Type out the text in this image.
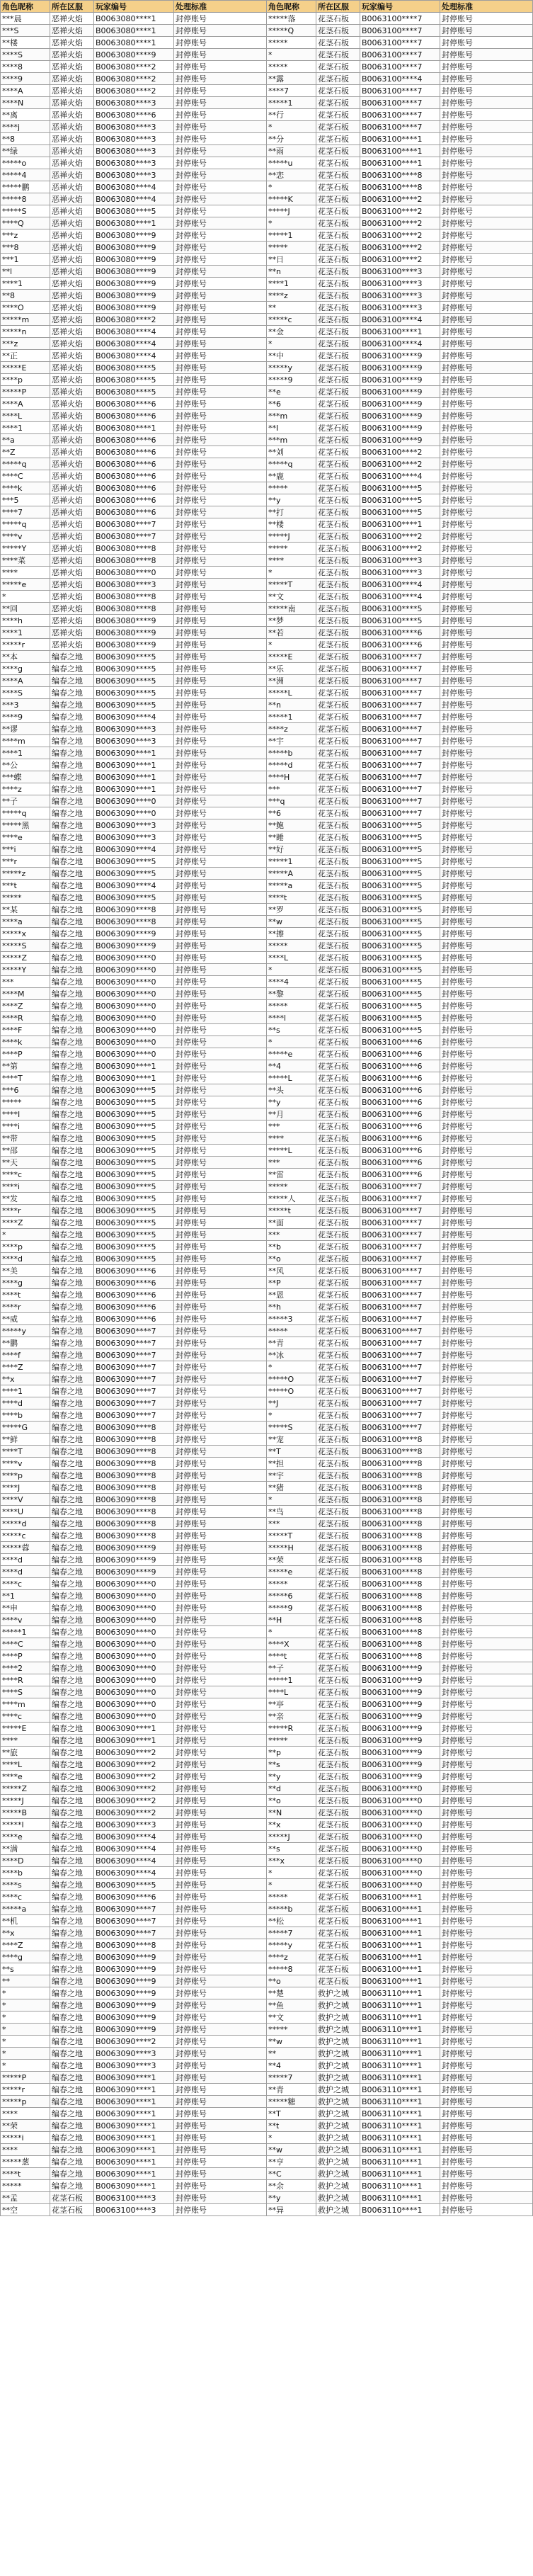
角色昵称	所在区服	玩家编号	处理标准	角色昵称	所在区服	玩家编号	处理标准
***晨	恶禅火焰	B0063080****1	封停账号	*****落	花茎石板	B0063100****7	封停账号
***S	恶禅火焰	B0063080****1	封停账号	*****Q	花茎石板	B0063100****7	封停账号
**楼	恶禅火焰	B0063080****1	封停账号	*****	花茎石板	B0063100****7	封停账号
****S	恶禅火焰	B0063080****9	封停账号	*	花茎石板	B0063100****7	封停账号
****8	恶禅火焰	B0063080****2	封停账号	*****	花茎石板	B0063100****7	封停账号
****9	恶禅火焰	B0063080****2	封停账号	**露	花茎石板	B0063100****4	封停账号
****A	恶禅火焰	B0063080****2	封停账号	****7	花茎石板	B0063100****7	封停账号
****N	恶禅火焰	B0063080****3	封停账号	*****1	花茎石板	B0063100****7	封停账号
**离	恶禅火焰	B0063080****6	封停账号	**行	花茎石板	B0063100****7	封停账号
****j	恶禅火焰	B0063080****3	封停账号	*	花茎石板	B0063100****7	封停账号
**8	恶禅火焰	B0063080****3	封停账号	**分	花茎石板	B0063100****1	封停账号
**绿	恶禅火焰	B0063080****3	封停账号	**雨	花茎石板	B0063100****1	封停账号
*****o	恶禅火焰	B0063080****3	封停账号	*****u	花茎石板	B0063100****1	封停账号
*****4	恶禅火焰	B0063080****3	封停账号	**恋	花茎石板	B0063100****8	封停账号
*****鹏	恶禅火焰	B0063080****4	封停账号	*	花茎石板	B0063100****8	封停账号
*****8	恶禅火焰	B0063080****4	封停账号	*****K	花茎石板	B0063100****2	封停账号
*****S	恶禅火焰	B0063080****5	封停账号	*****J	花茎石板	B0063100****2	封停账号
****Q	恶禅火焰	B0063080****1	封停账号	*	花茎石板	B0063100****2	封停账号
***z	恶禅火焰	B0063080****9	封停账号	*****1	花茎石板	B0063100****2	封停账号
***8	恶禅火焰	B0063080****9	封停账号	*****	花茎石板	B0063100****2	封停账号
***1	恶禅火焰	B0063080****9	封停账号	**日	花茎石板	B0063100****2	封停账号
**l	恶禅火焰	B0063080****9	封停账号	**n	花茎石板	B0063100****3	封停账号
****1	恶禅火焰	B0063080****9	封停账号	****1	花茎石板	B0063100****3	封停账号
**8	恶禅火焰	B0063080****9	封停账号	****z	花茎石板	B0063100****3	封停账号
****O	恶禅火焰	B0063080****9	封停账号	**	花茎石板	B0063100****3	封停账号
*****m	恶禅火焰	B0063080****2	封停账号	*****c	花茎石板	B0063100****4	封停账号
*****n	恶禅火焰	B0063080****4	封停账号	**金	花茎石板	B0063100****1	封停账号
***z	恶禅火焰	B0063080****4	封停账号	*	花茎石板	B0063100****4	封停账号
**正	恶禅火焰	B0063080****4	封停账号	**中	花茎石板	B0063100****9	封停账号
*****E	恶禅火焰	B0063080****5	封停账号	*****y	花茎石板	B0063100****9	封停账号
****p	恶禅火焰	B0063080****5	封停账号	*****9	花茎石板	B0063100****9	封停账号
*****P	恶禅火焰	B0063080****5	封停账号	**e	花茎石板	B0063100****9	封停账号
****A	恶禅火焰	B0063080****6	封停账号	**6	花茎石板	B0063100****9	封停账号
****L	恶禅火焰	B0063080****6	封停账号	***m	花茎石板	B0063100****9	封停账号
****1	恶禅火焰	B0063080****1	封停账号	**I	花茎石板	B0063100****9	封停账号
**a	恶禅火焰	B0063080****6	封停账号	***m	花茎石板	B0063100****9	封停账号
**Z	恶禅火焰	B0063080****6	封停账号	**刘	花茎石板	B0063100****2	封停账号
*****q	恶禅火焰	B0063080****6	封停账号	*****q	花茎石板	B0063100****2	封停账号
****C	恶禅火焰	B0063080****6	封停账号	**鹿	花茎石板	B0063100****4	封停账号
****k	恶禅火焰	B0063080****6	封停账号	*****	花茎石板	B0063100****5	封停账号
***5	恶禅火焰	B0063080****6	封停账号	**y	花茎石板	B0063100****5	封停账号
****7	恶禅火焰	B0063080****6	封停账号	**打	花茎石板	B0063100****5	封停账号
*****q	恶禅火焰	B0063080****7	封停账号	**楼	花茎石板	B0063100****1	封停账号
****v	恶禅火焰	B0063080****7	封停账号	*****J	花茎石板	B0063100****2	封停账号
*****Y	恶禅火焰	B0063080****8	封停账号	*****	花茎石板	B0063100****2	封停账号
****菜	恶禅火焰	B0063080****8	封停账号	****	花茎石板	B0063100****3	封停账号
****	恶禅火焰	B0063080****0	封停账号	*	花茎石板	B0063100****3	封停账号
*****e	恶禅火焰	B0063080****3	封停账号	*****T	花茎石板	B0063100****4	封停账号
*	恶禅火焰	B0063080****8	封停账号	**文	花茎石板	B0063100****4	封停账号
**回	恶禅火焰	B0063080****8	封停账号	*****南	花茎石板	B0063100****5	封停账号
****h	恶禅火焰	B0063080****9	封停账号	**梦	花茎石板	B0063100****5	封停账号
****1	恶禅火焰	B0063080****9	封停账号	**若	花茎石板	B0063100****6	封停账号
*****r	恶禅火焰	B0063080****9	封停账号	*	花茎石板	B0063100****6	封停账号
**本	编春之地	B0063090****5	封停账号	*****E	花茎石板	B0063100****7	封停账号
****g	编春之地	B0063090****5	封停账号	**乐	花茎石板	B0063100****7	封停账号
****A	编春之地	B0063090****5	封停账号	**洲	花茎石板	B0063100****7	封停账号
****S	编春之地	B0063090****5	封停账号	*****L	花茎石板	B0063100****7	封停账号
***3	编春之地	B0063090****5	封停账号	**n	花茎石板	B0063100****7	封停账号
****9	编春之地	B0063090****4	封停账号	*****1	花茎石板	B0063100****7	封停账号
**谬	编春之地	B0063090****3	封停账号	****z	花茎石板	B0063100****7	封停账号
****m	编春之地	B0063090****3	封停账号	**宇	花茎石板	B0063100****7	封停账号
****1	编春之地	B0063090****1	封停账号	*****b	花茎石板	B0063100****7	封停账号
**公	编春之地	B0063090****1	封停账号	*****d	花茎石板	B0063100****7	封停账号
***蝶	编春之地	B0063090****1	封停账号	****H	花茎石板	B0063100****7	封停账号
****z	编春之地	B0063090****1	封停账号	***	花茎石板	B0063100****7	封停账号
**子	编春之地	B0063090****0	封停账号	***q	花茎石板	B0063100****7	封停账号
*****q	编春之地	B0063090****0	封停账号	**6	花茎石板	B0063100****7	封停账号
*****黑	编春之地	B0063090****3	封停账号	**鲍	花茎石板	B0063100****5	封停账号
****e	编春之地	B0063090****3	封停账号	**睡	花茎石板	B0063100****5	封停账号
***i	编春之地	B0063090****4	封停账号	**好	花茎石板	B0063100****5	封停账号
***r	编春之地	B0063090****5	封停账号	*****1	花茎石板	B0063100****5	封停账号
*****z	编春之地	B0063090****5	封停账号	*****A	花茎石板	B0063100****5	封停账号
***t	编春之地	B0063090****4	封停账号	*****a	花茎石板	B0063100****5	封停账号
*****	编春之地	B0063090****5	封停账号	****t	花茎石板	B0063100****5	封停账号
**某	编春之地	B0063090****8	封停账号	**罗	花茎石板	B0063100****5	封停账号
****a	编春之地	B0063090****8	封停账号	**w	花茎石板	B0063100****5	封停账号
*****x	编春之地	B0063090****9	封停账号	**擦	花茎石板	B0063100****5	封停账号
*****S	编春之地	B0063090****9	封停账号	*****	花茎石板	B0063100****5	封停账号
*****Z	编春之地	B0063090****0	封停账号	****L	花茎石板	B0063100****5	封停账号
*****Y	编春之地	B0063090****0	封停账号	*	花茎石板	B0063100****5	封停账号
***	编春之地	B0063090****0	封停账号	****4	花茎石板	B0063100****5	封停账号
****M	编春之地	B0063090****0	封停账号	**黎	花茎石板	B0063100****5	封停账号
****Z	编春之地	B0063090****0	封停账号	*****	花茎石板	B0063100****5	封停账号
****R	编春之地	B0063090****0	封停账号	****l	花茎石板	B0063100****5	封停账号
****F	编春之地	B0063090****0	封停账号	**s	花茎石板	B0063100****5	封停账号
****k	编春之地	B0063090****0	封停账号	*	花茎石板	B0063100****6	封停账号
****P	编春之地	B0063090****0	封停账号	*****e	花茎石板	B0063100****6	封停账号
**第	编春之地	B0063090****1	封停账号	**4	花茎石板	B0063100****6	封停账号
****T	编春之地	B0063090****1	封停账号	*****L	花茎石板	B0063100****6	封停账号
***6	编春之地	B0063090****5	封停账号	**头	花茎石板	B0063100****6	封停账号
*****	编春之地	B0063090****5	封停账号	**y	花茎石板	B0063100****6	封停账号
****I	编春之地	B0063090****5	封停账号	**月	花茎石板	B0063100****6	封停账号
****i	编春之地	B0063090****5	封停账号	***	花茎石板	B0063100****6	封停账号
**带	编春之地	B0063090****5	封停账号	****	花茎石板	B0063100****6	封停账号
**邵	编春之地	B0063090****5	封停账号	*****L	花茎石板	B0063100****6	封停账号
**天	编春之地	B0063090****5	封停账号	***	花茎石板	B0063100****6	封停账号
****c	编春之地	B0063090****5	封停账号	**雷	花茎石板	B0063100****6	封停账号
****i	编春之地	B0063090****5	封停账号	*****	花茎石板	B0063100****7	封停账号
**发	编春之地	B0063090****5	封停账号	*****人	花茎石板	B0063100****7	封停账号
****r	编春之地	B0063090****5	封停账号	*****t	花茎石板	B0063100****7	封停账号
****Z	编春之地	B0063090****5	封停账号	**面	花茎石板	B0063100****7	封停账号
*	编春之地	B0063090****5	封停账号	***	花茎石板	B0063100****7	封停账号
****p	编春之地	B0063090****5	封停账号	**b	花茎石板	B0063100****7	封停账号
****d	编春之地	B0063090****5	封停账号	**o	花茎石板	B0063100****7	封停账号
**美	编春之地	B0063090****6	封停账号	**风	花茎石板	B0063100****7	封停账号
****g	编春之地	B0063090****6	封停账号	**P	花茎石板	B0063100****7	封停账号
****t	编春之地	B0063090****6	封停账号	**恩	花茎石板	B0063100****7	封停账号
****r	编春之地	B0063090****6	封停账号	**h	花茎石板	B0063100****7	封停账号
**威	编春之地	B0063090****6	封停账号	*****3	花茎石板	B0063100****7	封停账号
*****y	编春之地	B0063090****7	封停账号	*****	花茎石板	B0063100****7	封停账号
**鹏	编春之地	B0063090****7	封停账号	**青	花茎石板	B0063100****7	封停账号
****f	编春之地	B0063090****7	封停账号	**冰	花茎石板	B0063100****7	封停账号
****Z	编春之地	B0063090****7	封停账号	*	花茎石板	B0063100****7	封停账号
**x	编春之地	B0063090****7	封停账号	*****O	花茎石板	B0063100****7	封停账号
****1	编春之地	B0063090****7	封停账号	*****O	花茎石板	B0063100****7	封停账号
****d	编春之地	B0063090****7	封停账号	**J	花茎石板	B0063100****7	封停账号
****b	编春之地	B0063090****7	封停账号	*	花茎石板	B0063100****7	封停账号
*****G	编春之地	B0063090****8	封停账号	*****S	花茎石板	B0063100****7	封停账号
**鲜	编春之地	B0063090****8	封停账号	**宠	花茎石板	B0063100****8	封停账号
****T	编春之地	B0063090****8	封停账号	**T	花茎石板	B0063100****8	封停账号
****v	编春之地	B0063090****8	封停账号	**担	花茎石板	B0063100****8	封停账号
****p	编春之地	B0063090****8	封停账号	**宇	花茎石板	B0063100****8	封停账号
****J	编春之地	B0063090****8	封停账号	**猪	花茎石板	B0063100****8	封停账号
****V	编春之地	B0063090****8	封停账号	*	花茎石板	B0063100****8	封停账号
****U	编春之地	B0063090****8	封停账号	**鸟	花茎石板	B0063100****8	封停账号
*****d	编春之地	B0063090****8	封停账号	***	花茎石板	B0063100****8	封停账号
*****c	编春之地	B0063090****8	封停账号	*****T	花茎石板	B0063100****8	封停账号
*****蓉	编春之地	B0063090****9	封停账号	*****H	花茎石板	B0063100****8	封停账号
****d	编春之地	B0063090****9	封停账号	**荣	花茎石板	B0063100****8	封停账号
****d	编春之地	B0063090****9	封停账号	*****e	花茎石板	B0063100****8	封停账号
****c	编春之地	B0063090****0	封停账号	*****	花茎石板	B0063100****8	封停账号
**1	编春之地	B0063090****0	封停账号	*****6	花茎石板	B0063100****8	封停账号
**申	编春之地	B0063090****0	封停账号	*****9	花茎石板	B0063100****8	封停账号
****v	编春之地	B0063090****0	封停账号	**H	花茎石板	B0063100****8	封停账号
*****1	编春之地	B0063090****0	封停账号	*	花茎石板	B0063100****8	封停账号
****C	编春之地	B0063090****0	封停账号	****X	花茎石板	B0063100****8	封停账号
****P	编春之地	B0063090****0	封停账号	****t	花茎石板	B0063100****8	封停账号
****2	编春之地	B0063090****0	封停账号	**子	花茎石板	B0063100****9	封停账号
****R	编春之地	B0063090****0	封停账号	*****1	花茎石板	B0063100****9	封停账号
****S	编春之地	B0063090****0	封停账号	****L	花茎石板	B0063100****9	封停账号
****m	编春之地	B0063090****0	封停账号	**亭	花茎石板	B0063100****9	封停账号
****c	编春之地	B0063090****0	封停账号	**亲	花茎石板	B0063100****9	封停账号
*****E	编春之地	B0063090****1	封停账号	*****R	花茎石板	B0063100****9	封停账号
****	编春之地	B0063090****1	封停账号	*****	花茎石板	B0063100****9	封停账号
**旅	编春之地	B0063090****2	封停账号	**p	花茎石板	B0063100****9	封停账号
****L	编春之地	B0063090****2	封停账号	**s	花茎石板	B0063100****9	封停账号
****e	编春之地	B0063090****2	封停账号	**y	花茎石板	B0063100****9	封停账号
*****Z	编春之地	B0063090****2	封停账号	**d	花茎石板	B0063100****0	封停账号
*****J	编春之地	B0063090****2	封停账号	**o	花茎石板	B0063100****0	封停账号
*****B	编春之地	B0063090****2	封停账号	**N	花茎石板	B0063100****0	封停账号
*****l	编春之地	B0063090****3	封停账号	**x	花茎石板	B0063100****0	封停账号
****e	编春之地	B0063090****4	封停账号	*****J	花茎石板	B0063100****0	封停账号
**满	编春之地	B0063090****4	封停账号	**s	花茎石板	B0063100****0	封停账号
****D	编春之地	B0063090****4	封停账号	***x	花茎石板	B0063100****0	封停账号
****b	编春之地	B0063090****4	封停账号	*	花茎石板	B0063100****0	封停账号
****s	编春之地	B0063090****5	封停账号	*	花茎石板	B0063100****0	封停账号
****c	编春之地	B0063090****6	封停账号	*****	花茎石板	B0063100****1	封停账号
*****a	编春之地	B0063090****7	封停账号	*****b	花茎石板	B0063100****1	封停账号
**机	编春之地	B0063090****7	封停账号	**松	花茎石板	B0063100****1	封停账号
**x	编春之地	B0063090****7	封停账号	*****7	花茎石板	B0063100****1	封停账号
****Z	编春之地	B0063090****8	封停账号	*****y	花茎石板	B0063100****1	封停账号
****g	编春之地	B0063090****9	封停账号	****z	花茎石板	B0063100****1	封停账号
**s	编春之地	B0063090****9	封停账号	*****8	花茎石板	B0063100****1	封停账号
**	编春之地	B0063090****9	封停账号	**o	花茎石板	B0063100****1	封停账号
*	编春之地	B0063090****9	封停账号	**楚	救护之城	B0063110****1	封停账号
*	编春之地	B0063090****9	封停账号	**鱼	救护之城	B0063110****1	封停账号
*	编春之地	B0063090****9	封停账号	**文	救护之城	B0063110****1	封停账号
*	编春之地	B0063090****9	封停账号	*****	救护之城	B0063110****1	封停账号
*	编春之地	B0063090****2	封停账号	**w	救护之城	B0063110****1	封停账号
*	编春之地	B0063090****3	封停账号	**	救护之城	B0063110****1	封停账号
*	编春之地	B0063090****3	封停账号	**4	救护之城	B0063110****1	封停账号
*****P	编春之地	B0063090****1	封停账号	*****7	救护之城	B0063110****1	封停账号
*****r	编春之地	B0063090****1	封停账号	**青	救护之城	B0063110****1	封停账号
*****p	编春之地	B0063090****1	封停账号	*****糖	救护之城	B0063110****1	封停账号
****	编春之地	B0063090****1	封停账号	**T	救护之城	B0063110****1	封停账号
**荣	编春之地	B0063090****1	封停账号	**t	救护之城	B0063110****1	封停账号
*****i	编春之地	B0063090****1	封停账号	*	救护之城	B0063110****1	封停账号
****	编春之地	B0063090****1	封停账号	**w	救护之城	B0063110****1	封停账号
*****葱	编春之地	B0063090****1	封停账号	**亨	救护之城	B0063110****1	封停账号
****t	编春之地	B0063090****1	封停账号	**C	救护之城	B0063110****1	封停账号
*****	编春之地	B0063090****1	封停账号	**余	救护之城	B0063110****1	封停账号
**孟	花茎石板	B0063100****3	封停账号	**y	救护之城	B0063110****1	封停账号
**空	花茎石板	B0063100****3	封停账号	**异	救护之城	B0063110****1	封停账号
